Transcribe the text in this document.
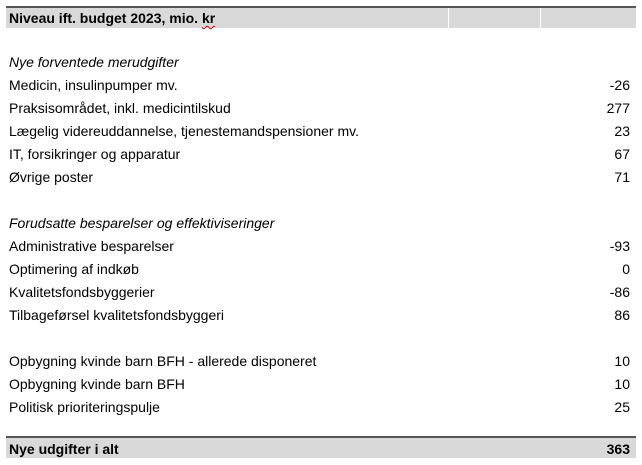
Niveau ift. budget 2023, mio. kr
Nye forventede merudgifter
Medicin, insulinpumper mv.	-26
Praksisområdet, inkl. medicintilskud	277
Lægelig videreuddannelse, tjenestemandspensioner mv.	23
IT, forsikringer og apparatur	67
Øvrige poster	71
Forudsatte besparelser og effektiviseringer
Administrative besparelser	-93
Optimering af indkøb	0
Kvalitetsfondsbyggerier	-86
Tilbageførsel kvalitetsfondsbyggeri	86
Opbygning kvinde barn BFH - allerede disponeret	10
Opbygning kvinde barn BFH	10
Politisk prioriteringspulje	25
Nye udgifter i alt	363
